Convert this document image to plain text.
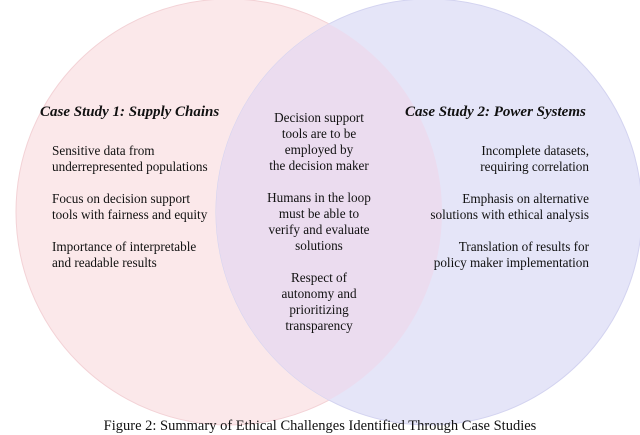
Case Study 1: Supply Chains
Sensitive data from
underrepresented populations
Focus on decision support
tools with fairness and equity
Importance of interpretable
and readable results
Case Study 2: Power Systems
Incomplete datasets,
requiring correlation
Emphasis on alternative
solutions with ethical analysis
Translation of results for
policy maker implementation
Decision support
tools are to be
employed by
the decision maker
Humans in the loop
must be able to
verify and evaluate
solutions
Respect of
autonomy and
prioritizing
transparency
Figure 2: Summary of Ethical Challenges Identified Through Case Studies
